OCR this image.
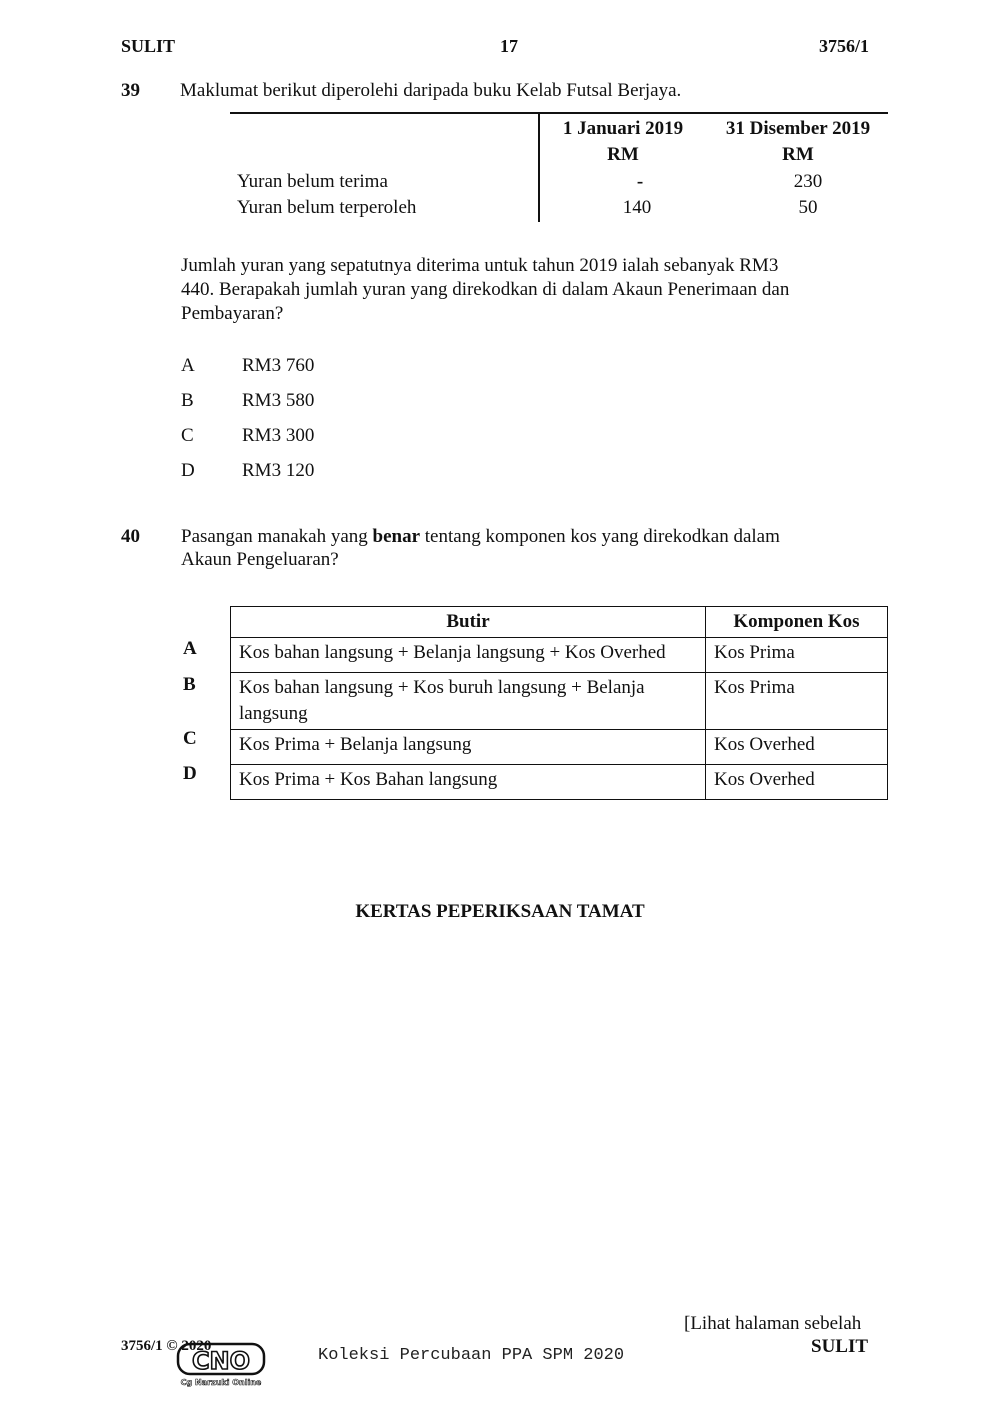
SULIT	17	3756/1
39 Maklumat berikut diperolehi daripada buku Kelab Futsal Berjaya.
1 Januari 2019	31 Disember 2019
RM	RM
Yuran belum terima	-	230
Yuran belum terperoleh	140	50
Jumlah yuran yang sepatutnya diterima untuk tahun 2019 ialah sebanyak RM3
440. Berapakah jumlah yuran yang direkodkan di dalam Akaun Penerimaan dan
Pembayaran?
A RM3 760
B	RM3 580
C	RM3 300
D RM3 120
40 Pasangan manakah yang benar tentang komponen kos yang direkodkan dalam
Akaun Pengeluaran?
Butir	Komponen Kos
Kos bahan langsung + Belanja langsung + Kos Overhed	Kos Prima

Kos bahan langsung + Kos buruh langsung + Belanja
langsung	Kos Prima
Kos Prima + Belanja langsung	Kos Overhed
Kos Prima + Kos Bahan langsung	Kos Overhed
A
B
C
D
KERTAS PEPERIKSAAN TAMAT
3756/1 © 2020
CNO
Cg Narzuki Online
Koleksi Percubaan PPA SPM 2020
[Lihat halaman sebelah
SULIT
